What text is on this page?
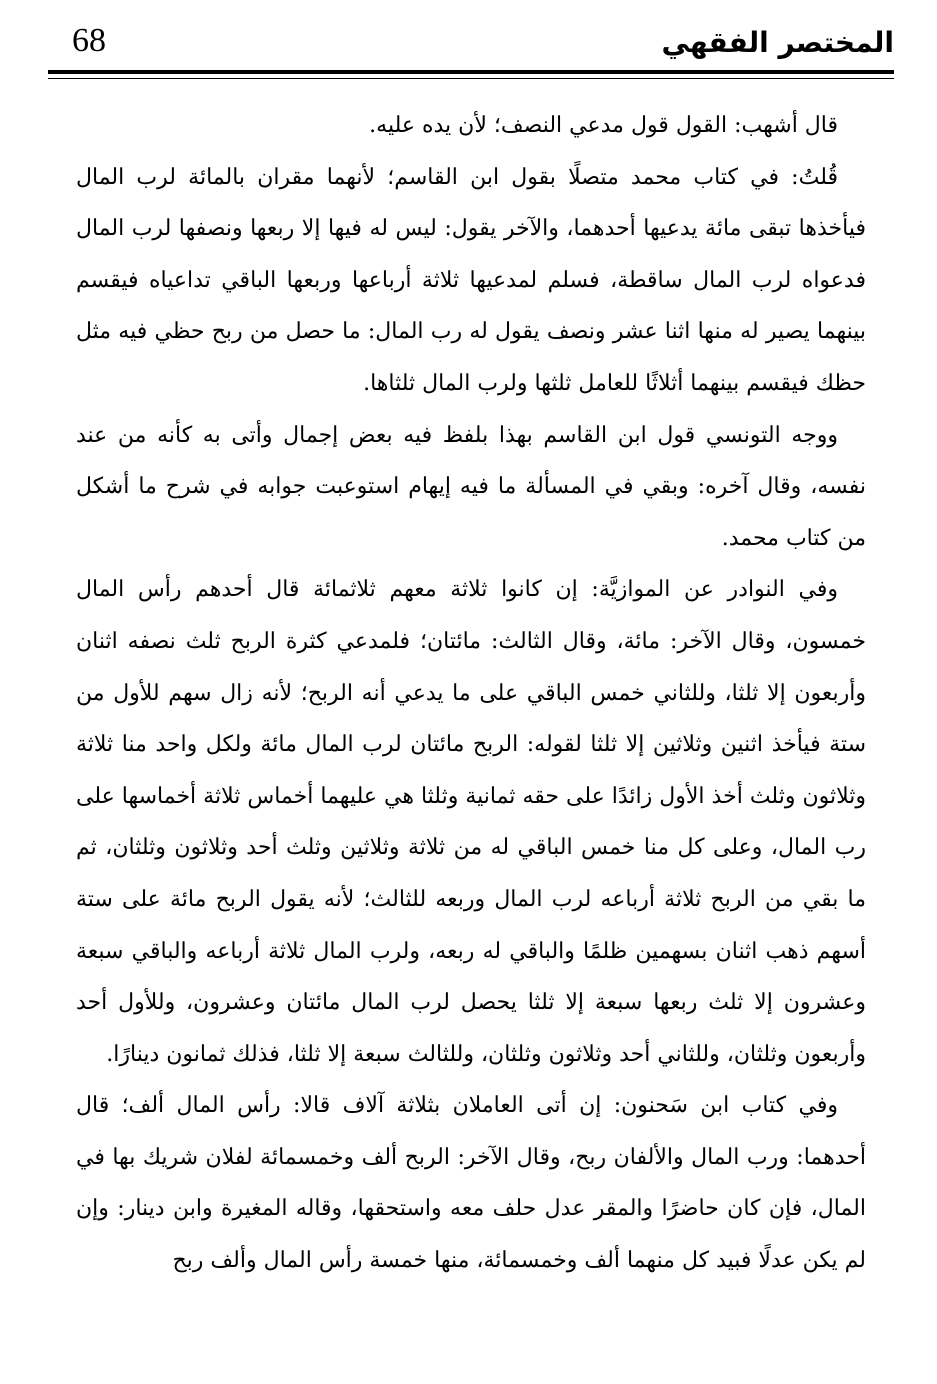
68	المختصر الفقهي

قال أشهب: القول قول مدعي النصف؛ لأن يده عليه.

قُلتُ: في كتاب محمد متصلًا بقول ابن القاسم؛ لأنهما مقران بالمائة لرب المال فيأخذها تبقى مائة يدعيها أحدهما، والآخر يقول: ليس له فيها إلا ربعها ونصفها لرب المال فدعواه لرب المال ساقطة، فسلم لمدعيها ثلاثة أرباعها وربعها الباقي تداعياه فيقسم بينهما يصير له منها اثنا عشر ونصف يقول له رب المال: ما حصل من ربح حظي فيه مثل حظك فيقسم بينهما أثلاثًا للعامل ثلثها ولرب المال ثلثاها.

ووجه التونسي قول ابن القاسم بهذا بلفظ فيه بعض إجمال وأتى به كأنه من عند نفسه، وقال آخره: وبقي في المسألة ما فيه إيهام استوعبت جوابه في شرح ما أشكل من كتاب محمد.

وفي النوادر عن الموازيَّة: إن كانوا ثلاثة معهم ثلاثمائة قال أحدهم رأس المال خمسون، وقال الآخر: مائة، وقال الثالث: مائتان؛ فلمدعي كثرة الربح ثلث نصفه اثنان وأربعون إلا ثلثا، وللثاني خمس الباقي على ما يدعي أنه الربح؛ لأنه زال سهم للأول من ستة فيأخذ اثنين وثلاثين إلا ثلثا لقوله: الربح مائتان لرب المال مائة ولكل واحد منا ثلاثة وثلاثون وثلث أخذ الأول زائدًا على حقه ثمانية وثلثا هي عليهما أخماس ثلاثة أخماسها على رب المال، وعلى كل منا خمس الباقي له من ثلاثة وثلاثين وثلث أحد وثلاثون وثلثان، ثم ما بقي من الربح ثلاثة أرباعه لرب المال وربعه للثالث؛ لأنه يقول الربح مائة على ستة أسهم ذهب اثنان بسهمين ظلمًا والباقي له ربعه، ولرب المال ثلاثة أرباعه والباقي سبعة وعشرون إلا ثلث ربعها سبعة إلا ثلثا يحصل لرب المال مائتان وعشرون، وللأول أحد وأربعون وثلثان، وللثاني أحد وثلاثون وثلثان، وللثالث سبعة إلا ثلثا، فذلك ثمانون دينارًا.

وفي كتاب ابن سَحنون: إن أتى العاملان بثلاثة آلاف قالا: رأس المال ألف؛ قال أحدهما: ورب المال والألفان ربح، وقال الآخر: الربح ألف وخمسمائة لفلان شريك بها في المال، فإن كان حاضرًا والمقر عدل حلف معه واستحقها، وقاله المغيرة وابن دينار: وإن لم يكن عدلًا فبيد كل منهما ألف وخمسمائة، منها خمسة رأس المال وألف ربح
